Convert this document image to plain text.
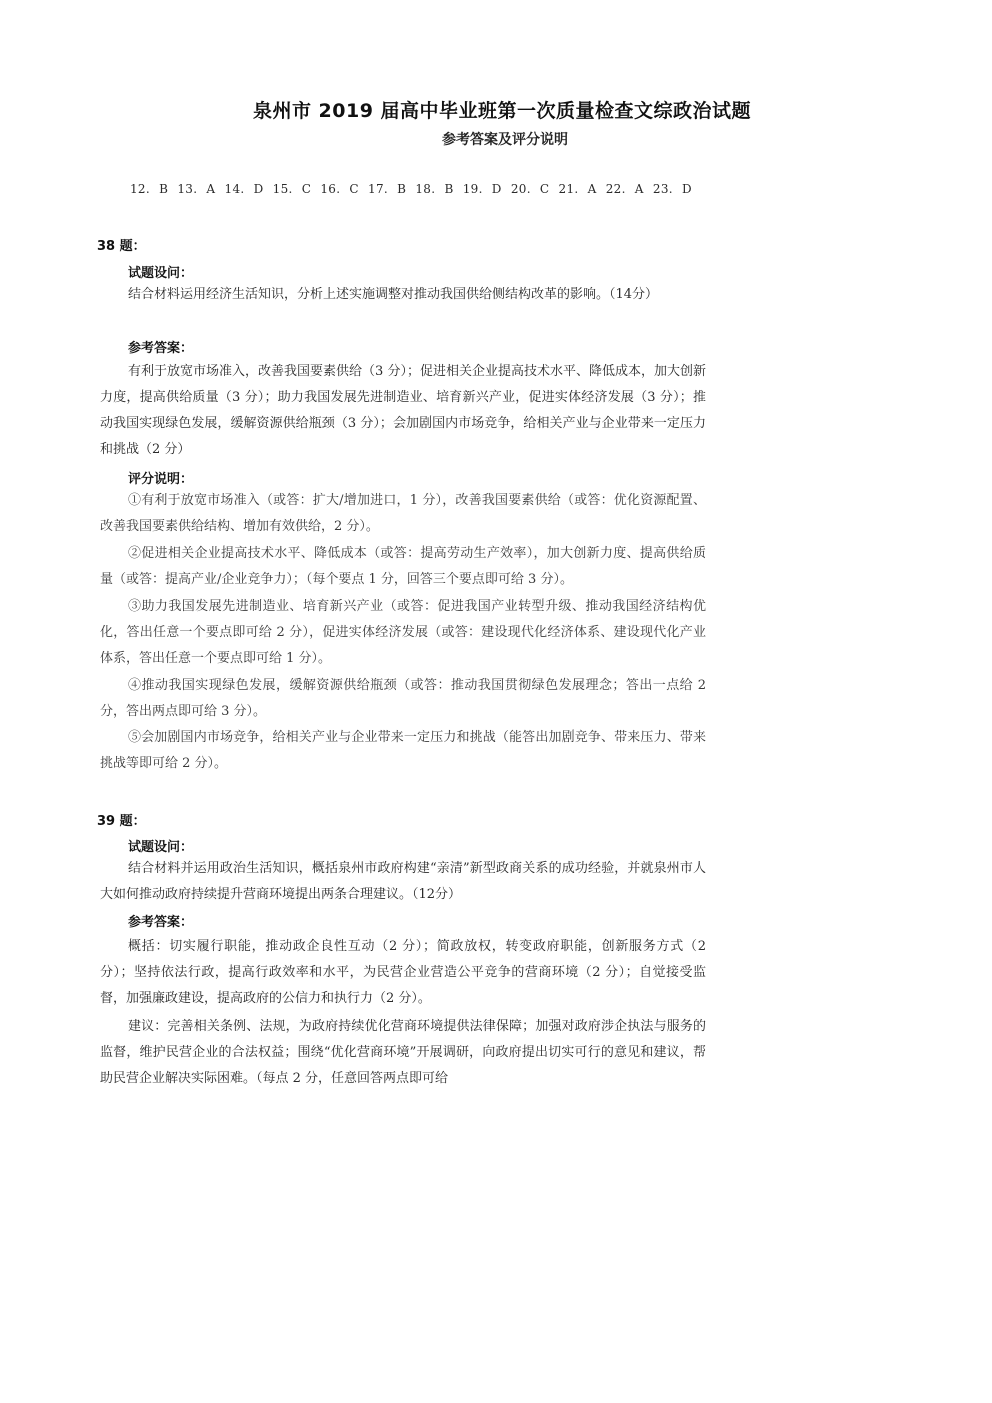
泉州市 2019 届高中毕业班第一次质量检查文综政治试题
参考答案及评分说明
12. B 13. A 14. D 15. C 16. C 17. B 18. B 19. D 20. C 21. A 22. A 23. D
38 题：
试题设问：
结合材料运用经济生活知识，分析上述实施调整对推动我国供给侧结构改革的影响。（14分）
参考答案：
有利于放宽市场准入，改善我国要素供给（3 分）；促进相关企业提高技术水平、降低成本，加大创新力度，提高供给质量（3 分）；助力我国发展先进制造业、培育新兴产业，促进实体经济发展（3 分）；推动我国实现绿色发展，缓解资源供给瓶颈（3 分）；会加剧国内市场竞争，给相关产业与企业带来一定压力和挑战（2 分）
评分说明：
①有利于放宽市场准入（或答：扩大/增加进口，1 分），改善我国要素供给（或答：优化资源配置、改善我国要素供给结构、增加有效供给，2 分）。
②促进相关企业提高技术水平、降低成本（或答：提高劳动生产效率），加大创新力度、提高供给质量（或答：提高产业/企业竞争力）；（每个要点 1 分，回答三个要点即可给 3 分）。
③助力我国发展先进制造业、培育新兴产业（或答：促进我国产业转型升级、推动我国经济结构优化，答出任意一个要点即可给 2 分），促进实体经济发展（或答：建设现代化经济体系、建设现代化产业体系，答出任意一个要点即可给 1 分）。
④推动我国实现绿色发展，缓解资源供给瓶颈（或答：推动我国贯彻绿色发展理念；答出一点给 2 分，答出两点即可给 3 分）。
⑤会加剧国内市场竞争，给相关产业与企业带来一定压力和挑战（能答出加剧竞争、带来压力、带来挑战等即可给 2 分）。
39 题：
试题设问：
结合材料并运用政治生活知识，概括泉州市政府构建“亲清”新型政商关系的成功经验，并就泉州市人大如何推动政府持续提升营商环境提出两条合理建议。（12分）
参考答案：
概括：切实履行职能，推动政企良性互动（2 分）；简政放权，转变政府职能，创新服务方式（2 分）；坚持依法行政，提高行政效率和水平，为民营企业营造公平竞争的营商环境（2 分）；自觉接受监督，加强廉政建设，提高政府的公信力和执行力（2 分）。
建议：完善相关条例、法规，为政府持续优化营商环境提供法律保障；加强对政府涉企执法与服务的监督，维护民营企业的合法权益；围绕“优化营商环境”开展调研，向政府提出切实可行的意见和建议，帮助民营企业解决实际困难。（每点 2 分，任意回答两点即可给
